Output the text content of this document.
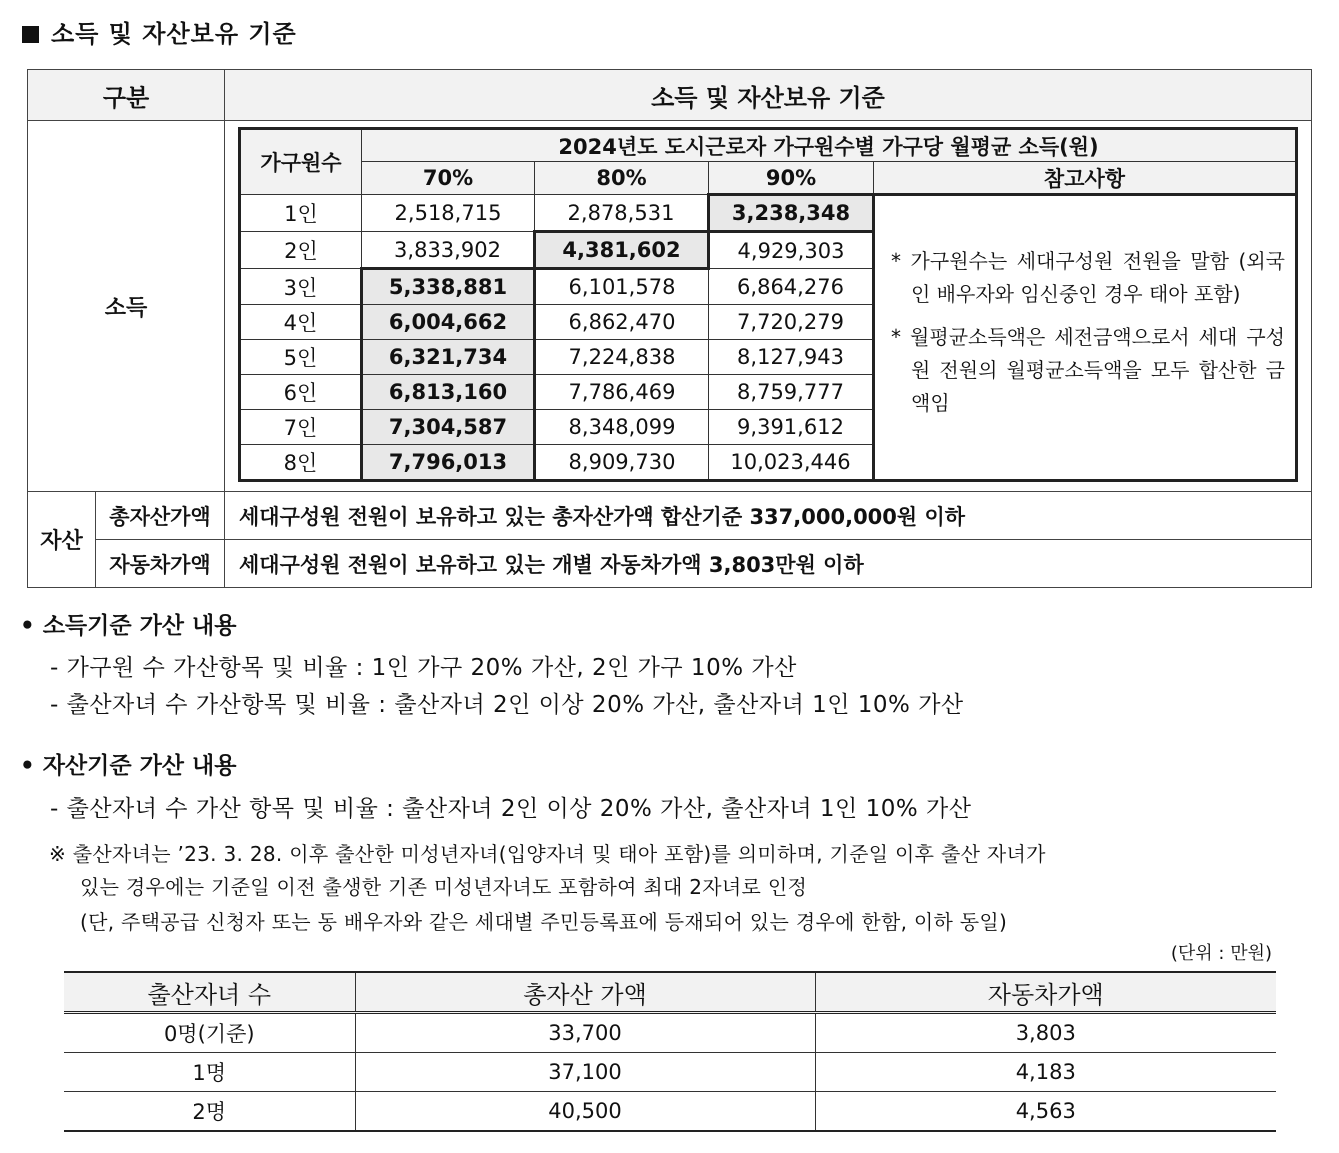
소득 및 자산보유 기준
구분	소득 및 자산보유 기준
소득	
가구원수	2024년도 도시근로자 가구원수별 가구당 월평균 소득(원)
70%	80%	90%	참고사항
1인	2,518,715	2,878,531	3,238,348	

* 가구원수는 세대구성원 전원을 말함 (외국인 배우자와 임신중인 경우 태아 포함)

* 월평균소득액은 세전금액으로서 세대 구성원 전원의 월평균소득액을 모두 합산한 금액임

2인	3,833,902	4,381,602	4,929,303
3인	5,338,881	6,101,578	6,864,276
4인	6,004,662	6,862,470	7,720,279
5인	6,321,734	7,224,838	8,127,943
6인	6,813,160	7,786,469	8,759,777
7인	7,304,587	8,348,099	9,391,612
8인	7,796,013	8,909,730	10,023,446

자산	총자산가액	세대구성원 전원이 보유하고 있는 총자산가액 합산기준 337,000,000원 이하
자동차가액	세대구성원 전원이 보유하고 있는 개별 자동차가액 3,803만원 이하
• 소득기준 가산 내용
- 가구원 수 가산항목 및 비율 : 1인 가구 20% 가산, 2인 가구 10% 가산
- 출산자녀 수 가산항목 및 비율 : 출산자녀 2인 이상 20% 가산, 출산자녀 1인 10% 가산
• 자산기준 가산 내용
- 출산자녀 수 가산 항목 및 비율 : 출산자녀 2인 이상 20% 가산, 출산자녀 1인 10% 가산
※ 출산자녀는 ’23. 3. 28. 이후 출산한 미성년자녀(입양자녀 및 태아 포함)를 의미하며, 기준일 이후 출산 자녀가
있는 경우에는 기준일 이전 출생한 기존 미성년자녀도 포함하여 최대 2자녀로 인정
(단, 주택공급 신청자 또는 동 배우자와 같은 세대별 주민등록표에 등재되어 있는 경우에 한함, 이하 동일)
(단위 : 만원)
출산자녀 수	총자산 가액	자동차가액
0명(기준)	33,700	3,803
1명	37,100	4,183
2명	40,500	4,563
